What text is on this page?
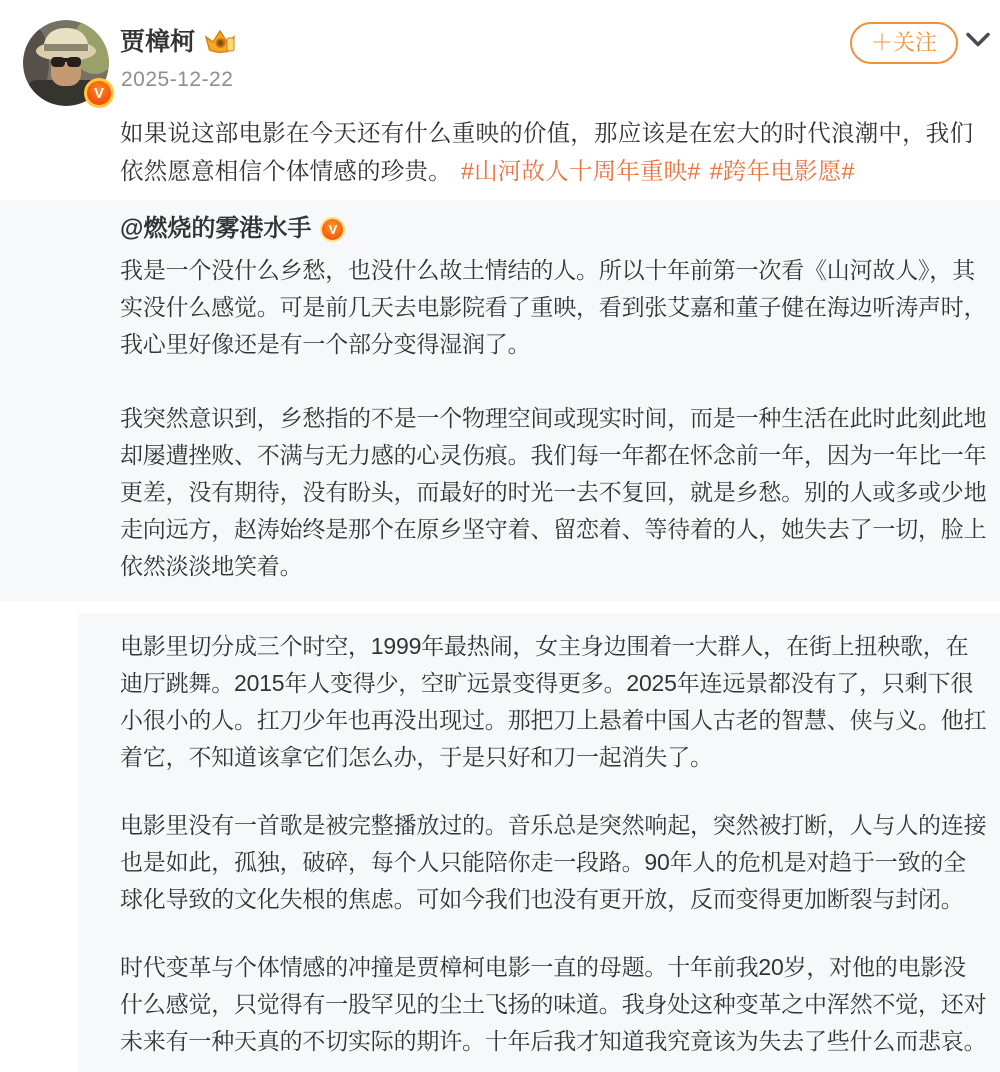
V
贾樟柯
2025-12-22
＋关注

如果说这部电影在今天还有什么重映的价值，那应该是在宏大的时代浪潮中，我们依然愿意相信个体情感的珍贵。 #山河故人十周年重映# #跨年电影愿#

@燃烧的雾港水手	V

我是一个没什么乡愁，也没什么故土情结的人。所以十年前第一次看《山河故人》，其实没什么感觉。可是前几天去电影院看了重映，看到张艾嘉和董子健在海边听涛声时，我心里好像还是有一个部分变得湿润了。

我突然意识到，乡愁指的不是一个物理空间或现实时间，而是一种生活在此时此刻此地却屡遭挫败、不满与无力感的心灵伤痕。我们每一年都在怀念前一年，因为一年比一年更差，没有期待，没有盼头，而最好的时光一去不复回，就是乡愁。别的人或多或少地走向远方，赵涛始终是那个在原乡坚守着、留恋着、等待着的人，她失去了一切，脸上依然淡淡地笑着。

电影里切分成三个时空，1999年最热闹，女主身边围着一大群人，在街上扭秧歌，在迪厅跳舞。2015年人变得少，空旷远景变得更多。2025年连远景都没有了，只剩下很小很小的人。扛刀少年也再没出现过。那把刀上悬着中国人古老的智慧、侠与义。他扛着它，不知道该拿它们怎么办，于是只好和刀一起消失了。

电影里没有一首歌是被完整播放过的。音乐总是突然响起，突然被打断，人与人的连接也是如此，孤独，破碎，每个人只能陪你走一段路。90年人的危机是对趋于一致的全球化导致的文化失根的焦虑。可如今我们也没有更开放，反而变得更加断裂与封闭。

时代变革与个体情感的冲撞是贾樟柯电影一直的母题。十年前我20岁，对他的电影没什么感觉，只觉得有一股罕见的尘土飞扬的味道。我身处这种变革之中浑然不觉，还对未来有一种天真的不切实际的期许。十年后我才知道我究竟该为失去了些什么而悲哀。
